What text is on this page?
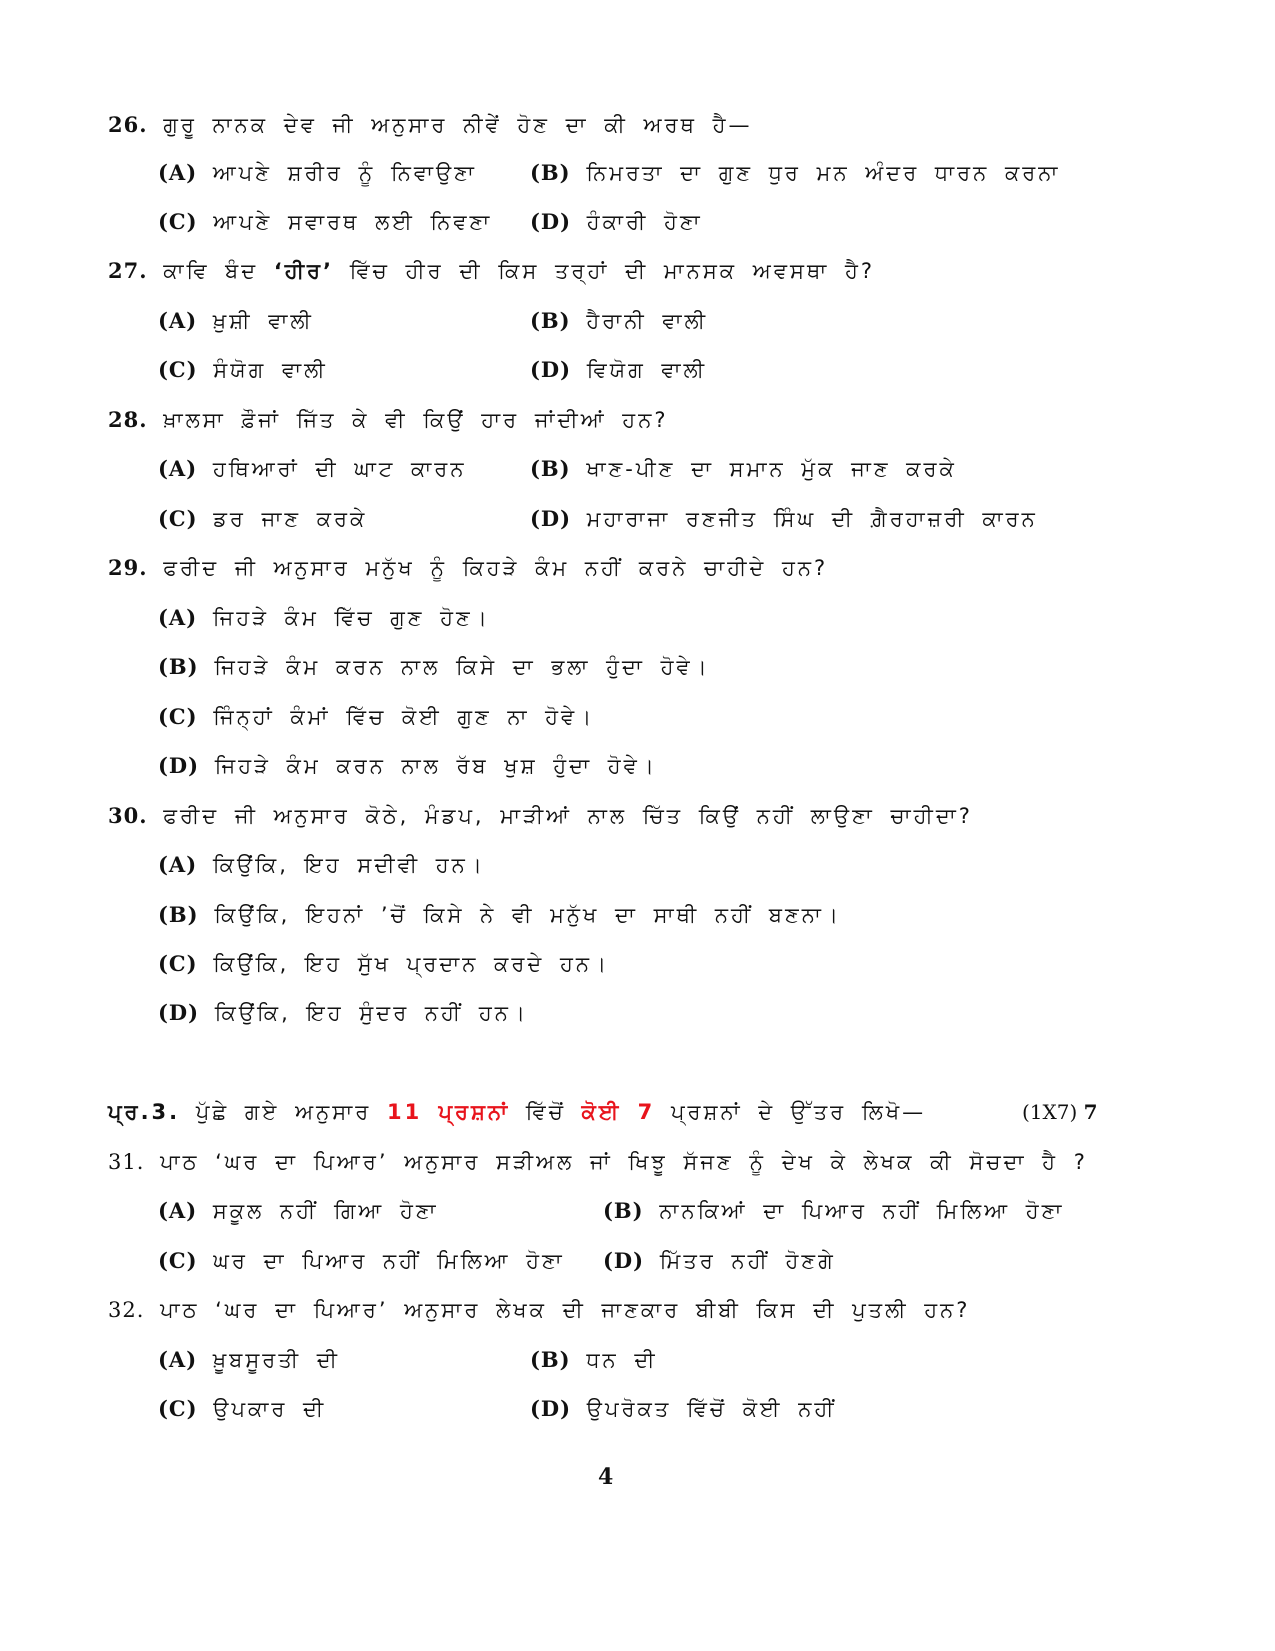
26. ਗੁਰੂ ਨਾਨਕ ਦੇਵ ਜੀ ਅਨੁਸਾਰ ਨੀਵੇਂ ਹੋਣ ਦਾ ਕੀ ਅਰਥ ਹੈ—
(A) ਆਪਣੇ ਸ਼ਰੀਰ ਨੂੰ ਨਿਵਾਉਣਾ	(B) ਨਿਮਰਤਾ ਦਾ ਗੁਣ ਧੁਰ ਮਨ ਅੰਦਰ ਧਾਰਨ ਕਰਨਾ
(C) ਆਪਣੇ ਸਵਾਰਥ ਲਈ ਨਿਵਣਾ (D) ਹੰਕਾਰੀ ਹੋਣਾ
27. ਕਾਵਿ ਬੰਦ ‘ਹੀਰ’ ਵਿੱਚ ਹੀਰ ਦੀ ਕਿਸ ਤਰ੍ਹਾਂ ਦੀ ਮਾਨਸਕ ਅਵਸਥਾ ਹੈ?
(A) ਖ਼ੁਸ਼ੀ ਵਾਲੀ	(B) ਹੈਰਾਨੀ ਵਾਲੀ
(C) ਸੰਯੋਗ ਵਾਲੀ	(D) ਵਿਯੋਗ ਵਾਲੀ
28. ਖ਼ਾਲਸਾ ਫ਼ੌਜਾਂ ਜਿੱਤ ਕੇ ਵੀ ਕਿਉਂ ਹਾਰ ਜਾਂਦੀਆਂ ਹਨ?
(A) ਹਥਿਆਰਾਂ ਦੀ ਘਾਟ ਕਾਰਨ	(B) ਖਾਣ-ਪੀਣ ਦਾ ਸਮਾਨ ਮੁੱਕ ਜਾਣ ਕਰਕੇ
(C) ਡਰ ਜਾਣ ਕਰਕੇ	(D) ਮਹਾਰਾਜਾ ਰਣਜੀਤ ਸਿੰਘ ਦੀ ਗ਼ੈਰਹਾਜ਼ਰੀ ਕਾਰਨ
29. ਫਰੀਦ ਜੀ ਅਨੁਸਾਰ ਮਨੁੱਖ ਨੂੰ ਕਿਹੜੇ ਕੰਮ ਨਹੀਂ ਕਰਨੇ ਚਾਹੀਦੇ ਹਨ?
(A) ਜਿਹੜੇ ਕੰਮ ਵਿੱਚ ਗੁਣ ਹੋਣ।
(B) ਜਿਹੜੇ ਕੰਮ ਕਰਨ ਨਾਲ ਕਿਸੇ ਦਾ ਭਲਾ ਹੁੰਦਾ ਹੋਵੇ।
(C) ਜਿੰਨ੍ਹਾਂ ਕੰਮਾਂ ਵਿੱਚ ਕੋਈ ਗੁਣ ਨਾ ਹੋਵੇ।
(D) ਜਿਹੜੇ ਕੰਮ ਕਰਨ ਨਾਲ ਰੱਬ ਖੁਸ਼ ਹੁੰਦਾ ਹੋਵੇ।
30. ਫਰੀਦ ਜੀ ਅਨੁਸਾਰ ਕੋਠੇ, ਮੰਡਪ, ਮਾੜੀਆਂ ਨਾਲ ਚਿੱਤ ਕਿਉਂ ਨਹੀਂ ਲਾਉਣਾ ਚਾਹੀਦਾ?
(A) ਕਿਉਂਕਿ, ਇਹ ਸਦੀਵੀ ਹਨ।
(B) ਕਿਉਂਕਿ, ਇਹਨਾਂ ’ਚੋਂ ਕਿਸੇ ਨੇ ਵੀ ਮਨੁੱਖ ਦਾ ਸਾਥੀ ਨਹੀਂ ਬਣਨਾ।
(C) ਕਿਉਂਕਿ, ਇਹ ਸੁੱਖ ਪ੍ਰਦਾਨ ਕਰਦੇ ਹਨ।
(D) ਕਿਉਂਕਿ, ਇਹ ਸੁੰਦਰ ਨਹੀਂ ਹਨ।
ਪ੍ਰ.3. ਪੁੱਛੇ ਗਏ ਅਨੁਸਾਰ 11 ਪ੍ਰਸ਼ਨਾਂ ਵਿੱਚੋਂ ਕੋਈ 7 ਪ੍ਰਸ਼ਨਾਂ ਦੇ ਉੱਤਰ ਲਿਖੋ—	(1X7) 7
31. ਪਾਠ ‘ਘਰ ਦਾ ਪਿਆਰ’ ਅਨੁਸਾਰ ਸੜੀਅਲ ਜਾਂ ਖਿਝੂ ਸੱਜਣ ਨੂੰ ਦੇਖ ਕੇ ਲੇਖਕ ਕੀ ਸੋਚਦਾ ਹੈ ?
(A) ਸਕੂਲ ਨਹੀਂ ਗਿਆ ਹੋਣਾ	(B) ਨਾਨਕਿਆਂ ਦਾ ਪਿਆਰ ਨਹੀਂ ਮਿਲਿਆ ਹੋਣਾ
(C) ਘਰ ਦਾ ਪਿਆਰ ਨਹੀਂ ਮਿਲਿਆ ਹੋਣਾ (D) ਮਿੱਤਰ ਨਹੀਂ ਹੋਣਗੇ
32. ਪਾਠ ‘ਘਰ ਦਾ ਪਿਆਰ’ ਅਨੁਸਾਰ ਲੇਖਕ ਦੀ ਜਾਣਕਾਰ ਬੀਬੀ ਕਿਸ ਦੀ ਪੁਤਲੀ ਹਨ?
(A) ਖ਼ੂਬਸੂਰਤੀ ਦੀ	(B) ਧਨ ਦੀ
(C) ਉਪਕਾਰ ਦੀ	(D) ਉਪਰੋਕਤ ਵਿੱਚੋਂ ਕੋਈ ਨਹੀਂ
4
